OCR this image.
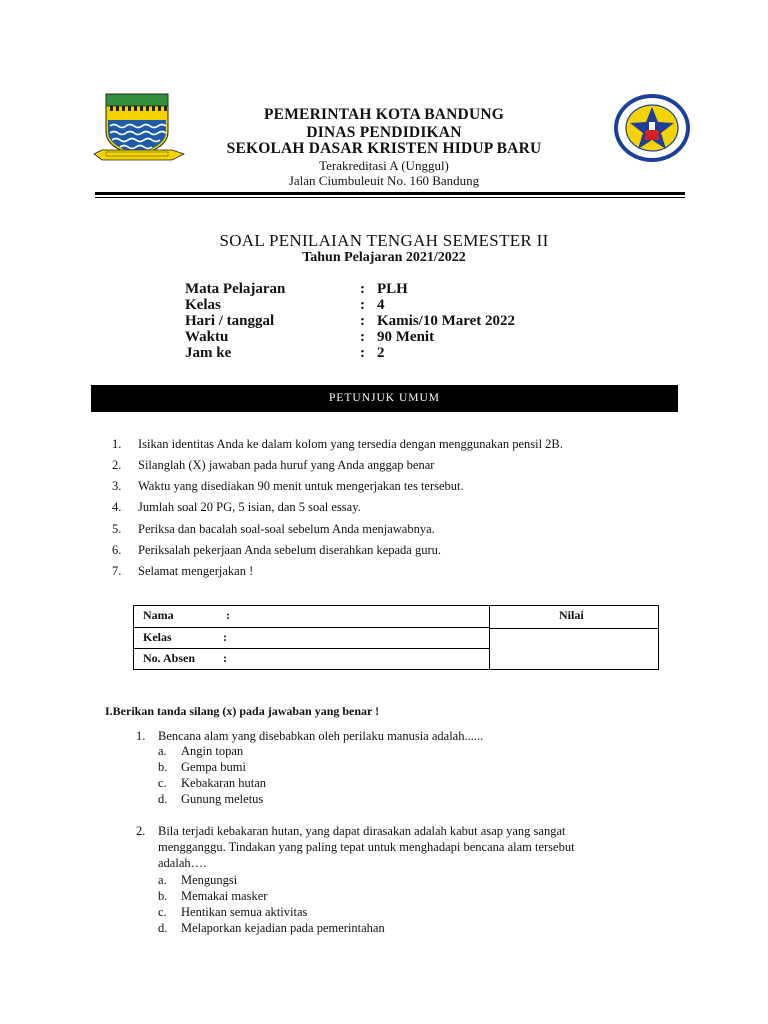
PEMERINTAH KOTA BANDUNG
DINAS PENDIDIKAN
SEKOLAH DASAR KRISTEN HIDUP BARU
Terakreditasi A (Unggul)
Jalan Ciumbuleuit No. 160 Bandung
SOAL PENILAIAN TENGAH SEMESTER II
Tahun Pelajaran 2021/2022
Mata Pelajaran	: PLH
Kelas	: 4
Hari / tanggal	: Kamis/10 Maret 2022
Waktu	: 90 Menit
Jam ke	: 2
PETUNJUK UMUM
1. Isikan identitas Anda ke dalam kolom yang tersedia dengan menggunakan pensil 2B.
2. Silanglah (X) jawaban pada huruf yang Anda anggap benar
3. Waktu yang disediakan 90 menit untuk mengerjakan tes tersebut.
4. Jumlah soal 20 PG, 5 isian, dan 5 soal essay.
5. Periksa dan bacalah soal-soal sebelum Anda menjawabnya.
6. Periksalah pekerjaan Anda sebelum diserahkan kepada guru.
7. Selamat mengerjakan !
Nama	:
Kelas	:
No. Absen :
Nilai
I.Berikan tanda silang (x) pada jawaban yang benar !
1. Bencana alam yang disebabkan oleh perilaku manusia adalah......
a. Angin topan
b. Gempa bumi
c. Kebakaran hutan
d. Gunung meletus
2. Bila terjadi kebakaran hutan, yang dapat dirasakan adalah kabut asap yang sangat
mengganggu. Tindakan yang paling tepat untuk menghadapi bencana alam tersebut
adalah….
a. Mengungsi
b. Memakai masker
c. Hentikan semua aktivitas
d. Melaporkan kejadian pada pemerintahan
